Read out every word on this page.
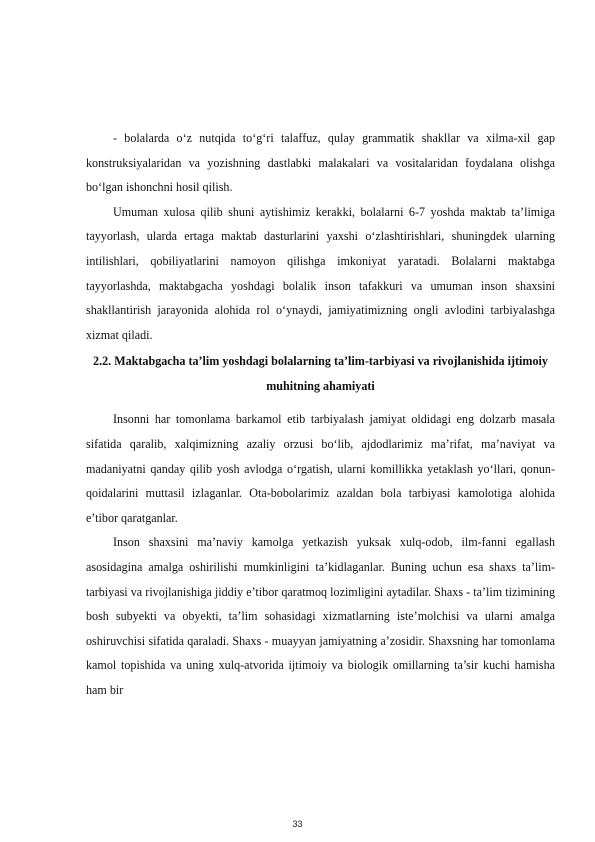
- bolalarda o‘z nutqida to‘g‘ri talaffuz, qulay grammatik shakllar va xilma-xil gap konstruksiyalaridan va yozishning dastlabki malakalari va vositalaridan foydalana olishga bo‘lgan ishonchni hosil qilish.

Umuman xulosa qilib shuni aytishimiz kerakki, bolalarni 6-7 yoshda maktab ta’limiga tayyorlash, ularda ertaga maktab dasturlarini yaxshi o‘zlashtirishlari, shuningdek ularning intilishlari, qobiliyatlarini namoyon qilishga imkoniyat yaratadi. Bolalarni maktabga tayyorlashda, maktabgacha yoshdagi bolalik inson tafakkuri va umuman inson shaxsini shakllantirish jarayonida alohida rol o‘ynaydi, jamiyatimizning ongli avlodini tarbiyalashga xizmat qiladi.

2.2. Maktabgacha ta’lim yoshdagi bolalarning ta’lim-tarbiyasi va rivojlanishida ijtimoiy muhitning ahamiyati

Insonni har tomonlama barkamol etib tarbiyalash jamiyat oldidagi eng dolzarb masala sifatida qaralib, xalqimizning azaliy orzusi bo‘lib, ajdodlarimiz ma’rifat, ma’naviyat va madaniyatni qanday qilib yosh avlodga o‘rgatish, ularni komillikka yetaklash yo‘llari, qonun-qoidalarini muttasil izlaganlar. Ota-bobolarimiz azaldan bola tarbiyasi kamolotiga alohida e’tibor qaratganlar.

Inson shaxsini ma’naviy kamolga yetkazish yuksak xulq-odob, ilm-fanni egallash asosidagina amalga oshirilishi mumkinligini ta’kidlaganlar. Buning uchun esa shaxs ta’lim-tarbiyasi va rivojlanishiga jiddiy e’tibor qaratmoq lozimligini aytadilar. Shaxs - ta’lim tizimining bosh subyekti va obyekti, ta’lim sohasidagi xizmatlarning iste’molchisi va ularni amalga oshiruvchisi sifatida qaraladi. Shaxs - muayyan jamiyatning a’zosidir. Shaxsning har tomonlama kamol topishida va uning xulq-atvorida ijtimoiy va biologik omillarning ta’sir kuchi hamisha ham bir

33
